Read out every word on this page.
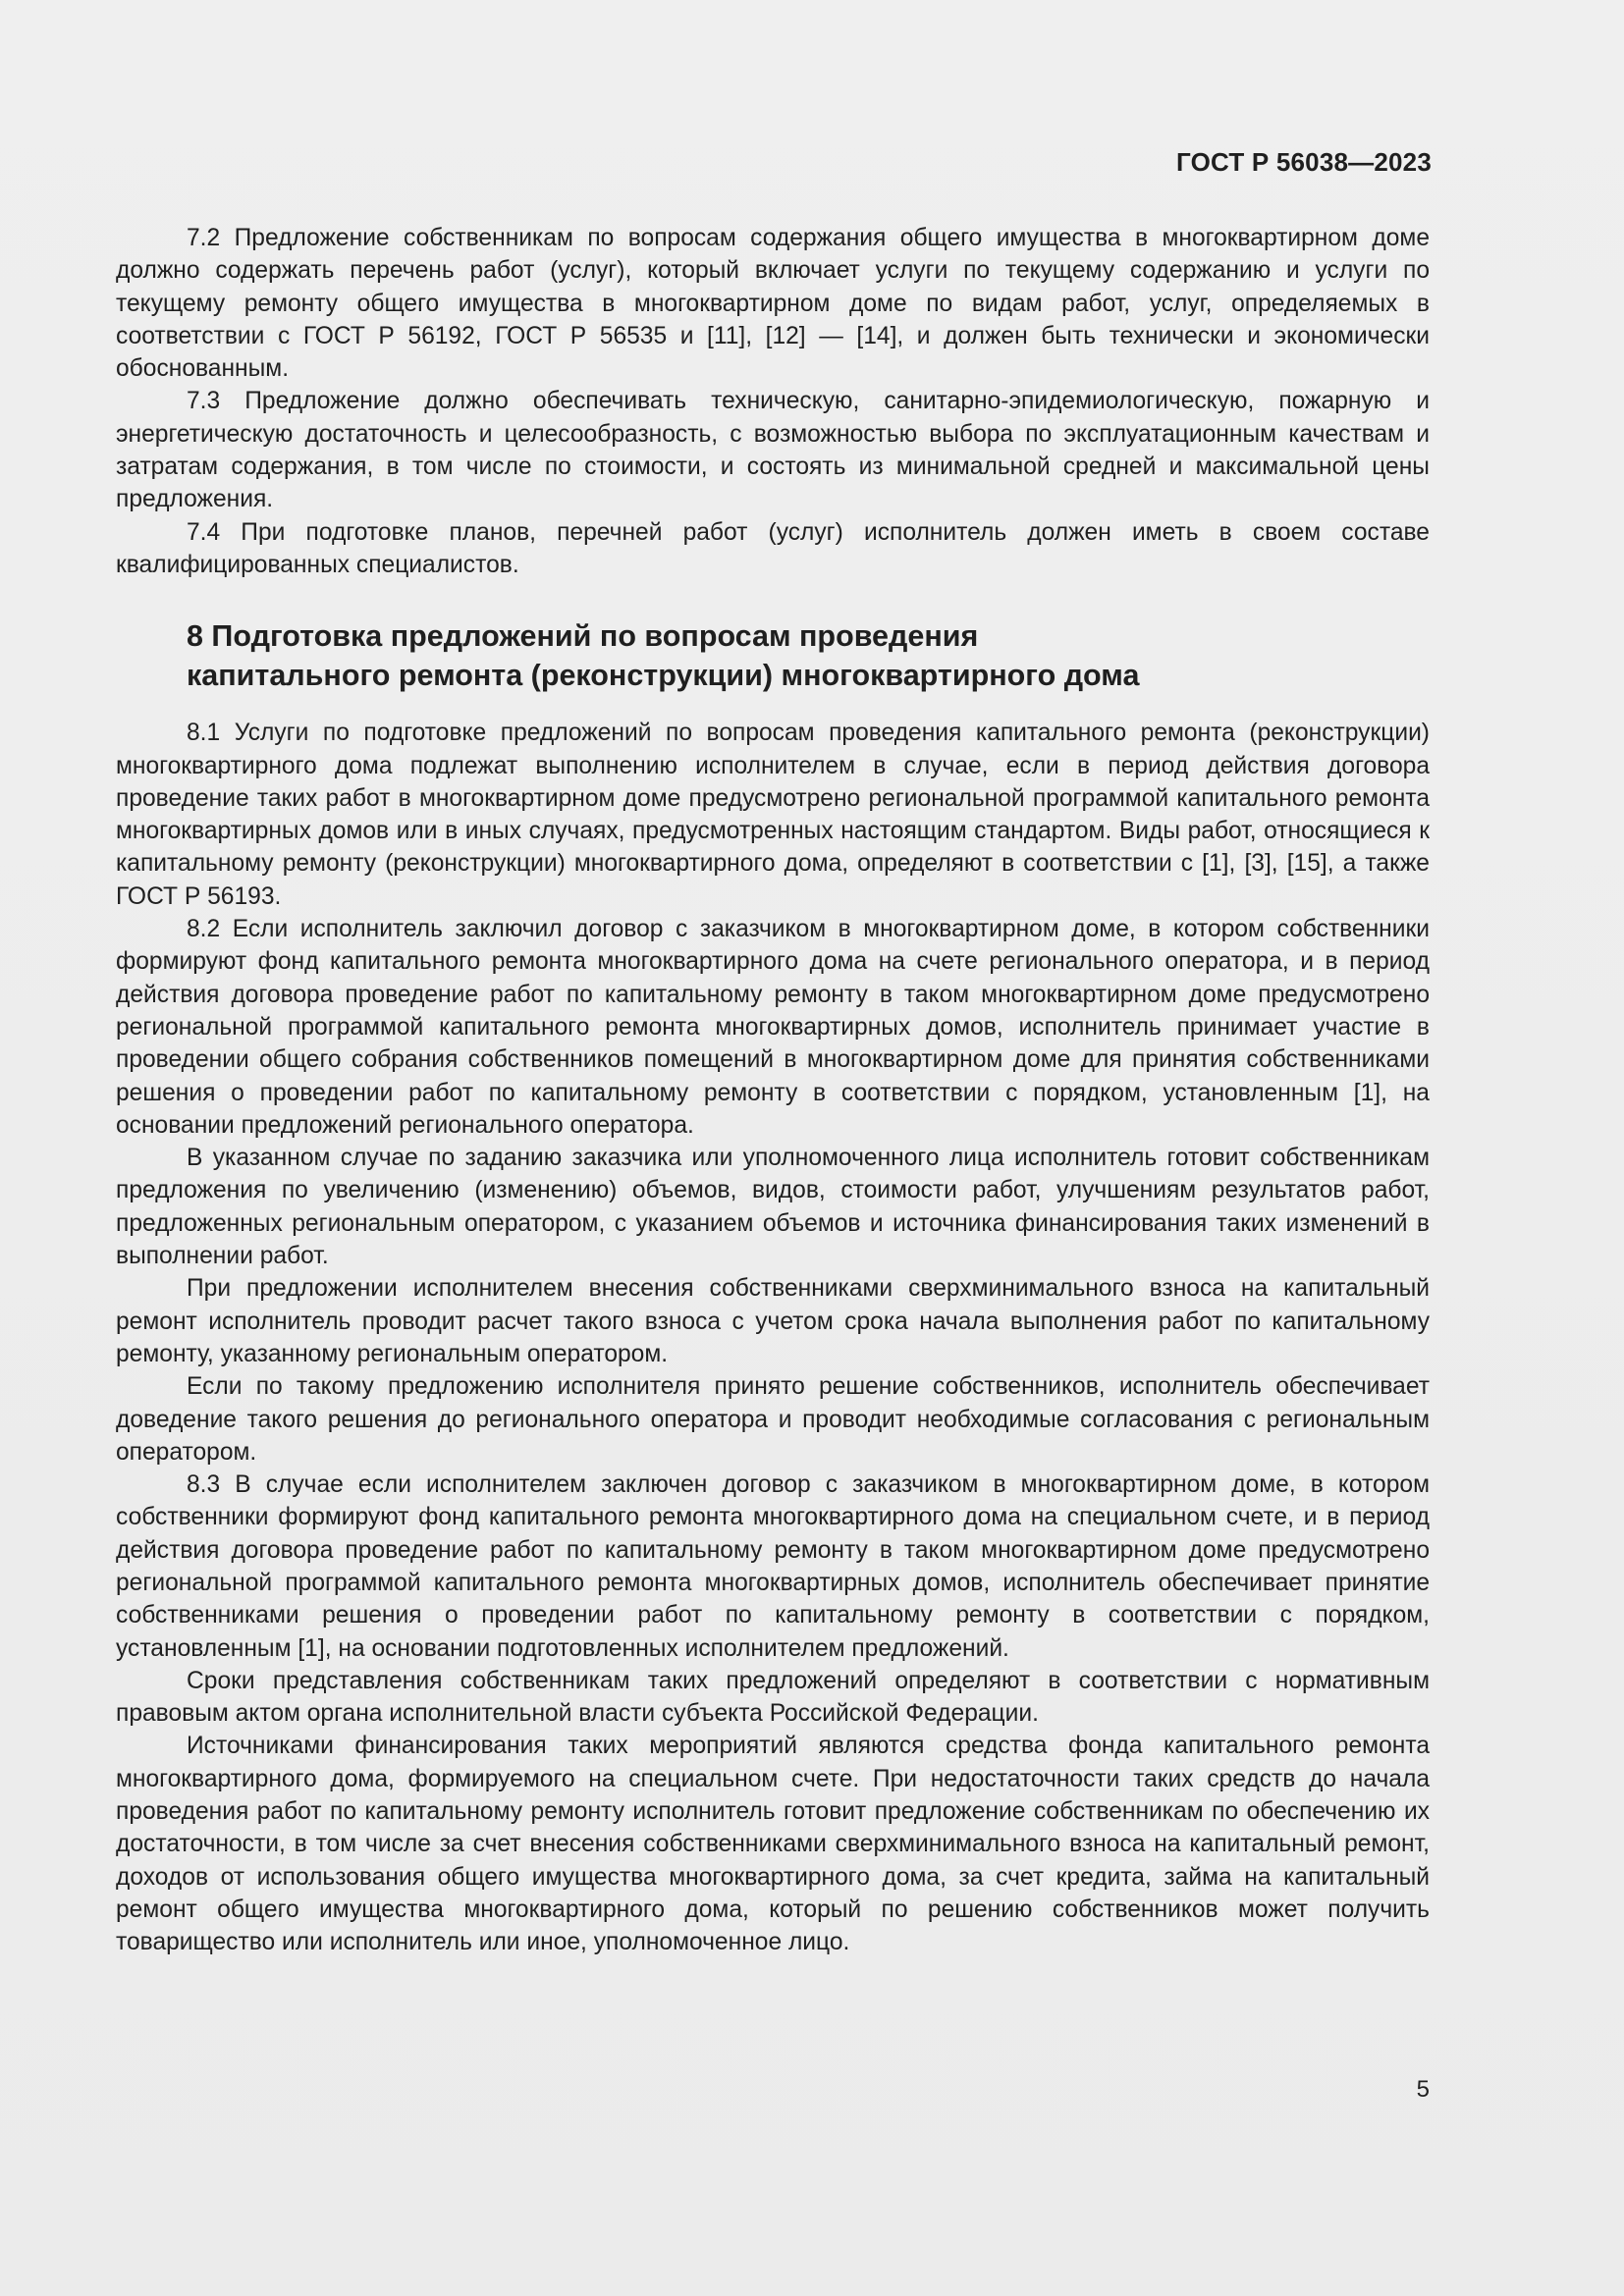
ГОСТ Р 56038—2023

7.2 Предложение собственникам по вопросам содержания общего имущества в многоквартирном доме должно содержать перечень работ (услуг), который включает услуги по текущему содержанию и услуги по текущему ремонту общего имущества в многоквартирном доме по видам работ, услуг, определяемых в соответствии с ГОСТ Р 56192, ГОСТ Р 56535 и [11], [12] — [14], и должен быть технически и экономически обоснованным.

7.3 Предложение должно обеспечивать техническую, санитарно-эпидемиологическую, пожарную и энергетическую достаточность и целесообразность, с возможностью выбора по эксплуатационным качествам и затратам содержания, в том числе по стоимости, и состоять из минимальной средней и максимальной цены предложения.

7.4 При подготовке планов, перечней работ (услуг) исполнитель должен иметь в своем составе квалифицированных специалистов.

8 Подготовка предложений по вопросам проведения
капитального ремонта (реконструкции) многоквартирного дома

8.1 Услуги по подготовке предложений по вопросам проведения капитального ремонта (реконструкции) многоквартирного дома подлежат выполнению исполнителем в случае, если в период действия договора проведение таких работ в многоквартирном доме предусмотрено региональной программой капитального ремонта многоквартирных домов или в иных случаях, предусмотренных настоящим стандартом. Виды работ, относящиеся к капитальному ремонту (реконструкции) многоквартирного дома, определяют в соответствии с [1], [3], [15], а также ГОСТ Р 56193.

8.2 Если исполнитель заключил договор с заказчиком в многоквартирном доме, в котором собственники формируют фонд капитального ремонта многоквартирного дома на счете регионального оператора, и в период действия договора проведение работ по капитальному ремонту в таком многоквартирном доме предусмотрено региональной программой капитального ремонта многоквартирных домов, исполнитель принимает участие в проведении общего собрания собственников помещений в многоквартирном доме для принятия собственниками решения о проведении работ по капитальному ремонту в соответствии с порядком, установленным [1], на основании предложений регионального оператора.

В указанном случае по заданию заказчика или уполномоченного лица исполнитель готовит собственникам предложения по увеличению (изменению) объемов, видов, стоимости работ, улучшениям результатов работ, предложенных региональным оператором, с указанием объемов и источника финансирования таких изменений в выполнении работ.

При предложении исполнителем внесения собственниками сверхминимального взноса на капитальный ремонт исполнитель проводит расчет такого взноса с учетом срока начала выполнения работ по капитальному ремонту, указанному региональным оператором.

Если по такому предложению исполнителя принято решение собственников, исполнитель обеспечивает доведение такого решения до регионального оператора и проводит необходимые согласования с региональным оператором.

8.3 В случае если исполнителем заключен договор с заказчиком в многоквартирном доме, в котором собственники формируют фонд капитального ремонта многоквартирного дома на специальном счете, и в период действия договора проведение работ по капитальному ремонту в таком многоквартирном доме предусмотрено региональной программой капитального ремонта многоквартирных домов, исполнитель обеспечивает принятие собственниками решения о проведении работ по капитальному ремонту в соответствии с порядком, установленным [1], на основании подготовленных исполнителем предложений.

Сроки представления собственникам таких предложений определяют в соответствии с нормативным правовым актом органа исполнительной власти субъекта Российской Федерации.

Источниками финансирования таких мероприятий являются средства фонда капитального ремонта многоквартирного дома, формируемого на специальном счете. При недостаточности таких средств до начала проведения работ по капитальному ремонту исполнитель готовит предложение собственникам по обеспечению их достаточности, в том числе за счет внесения собственниками сверхминимального взноса на капитальный ремонт, доходов от использования общего имущества многоквартирного дома, за счет кредита, займа на капитальный ремонт общего имущества многоквартирного дома, который по решению собственников может получить товарищество или исполнитель или иное, уполномоченное лицо.

5
